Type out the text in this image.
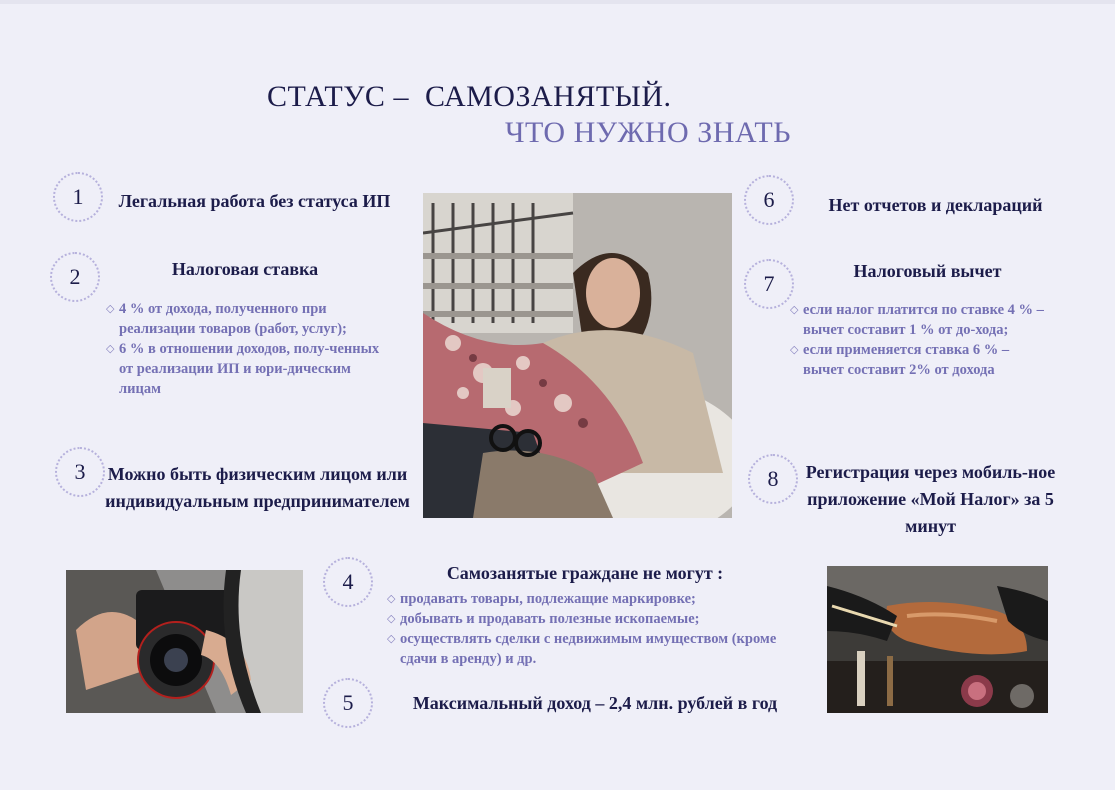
СТАТУС –  САМОЗАНЯТЫЙ.
ЧТО НУЖНО ЗНАТЬ
1	Легальная работа без статуса ИП
2	Налоговая ставка
◇ 4 % от дохода, полученного при реализации товаров (работ, услуг);
◇ 6 % в отношении доходов, полу-ченных от реализации ИП и юри-дическим лицам
3	Можно быть физическим лицом или индивидуальным предпринимателем
4	Самозанятые граждане не могут :
◇ продавать товары, подлежащие маркировке;
◇ добывать и продавать полезные ископаемые;
◇ осуществлять сделки с недвижимым имуществом (кроме сдачи в аренду) и др.
5	Максимальный доход – 2,4 млн. рублей в год
6	Нет отчетов и деклараций
7	Налоговый вычет
◇ если налог платится по ставке 4 % – вычет составит 1 % от до-хода;
◇ если применяется ставка 6 % – вычет составит 2% от дохода
8	Регистрация через мобиль-ное приложение «Мой Налог» за 5 минут
